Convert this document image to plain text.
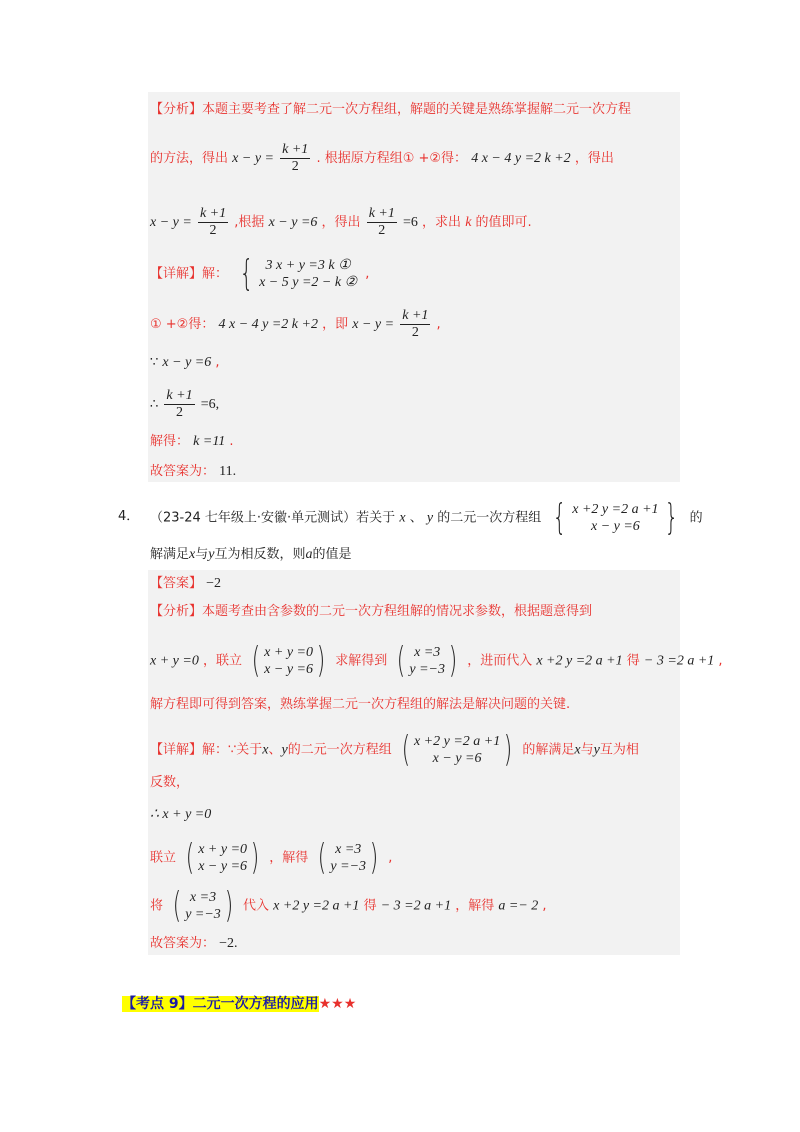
【分析】本题主要考查了解二元一次方程组，解题的关键是熟练掌握解二元一次方程
的方法，得出 $x - y = \frac{k +1}{2}$ . 根据原方程组① +②得： 4 x − 4 y =2 k +2 ，得出
$x - y = \frac{k +1}{2}$ ,根据 x − y =6 ，得出 $\frac{k +1}{2} =6$ ，求出 k 的值即可.
【详解】解： { 3 x + y =3 k ①
x − 5 y =2 − k ②
,
① +②得： 4 x − 4 y =2 k +2 ，即 $x - y = \frac{k +1}{2}$ ,
∵ x − y =6 ,
∴ $\frac{k +1}{2} =6$,
解得： k =11 .
故答案为： 11.
4． （23-24 七年级上·安徽·单元测试）若关于 x 、 y 的二元一次方程组 { x +2 y =2 a +1
x − y =6 } 的
解满足x与y互为相反数，则a的值是
【答案】 −2
【分析】本题考查由含参数的二元一次方程组解的情况求参数，根据题意得到
x + y =0 ，联立 ( x + y =0
x − y =6 ) 求解得到 ( x =3
y =−3 ) ，进而代入 x +2 y =2 a +1 得 − 3 =2 a +1 ,
解方程即可得到答案，熟练掌握二元一次方程组的解法是解决问题的关键.
【详解】解：∵关于x、y的二元一次方程组 ( x +2 y =2 a +1
x − y =6 ) 的解满足x与y互为相
反数，
∴ x + y =0
联立 ( x + y =0
x − y =6 ) ，解得 ( x =3
y =−3 ) ,
将 ( x =3
y =−3 ) 代入 x +2 y =2 a +1 得 − 3 =2 a +1 ，解得 a =− 2 ,
故答案为： −2.
【考点 9】二元一次方程的应用★★★
